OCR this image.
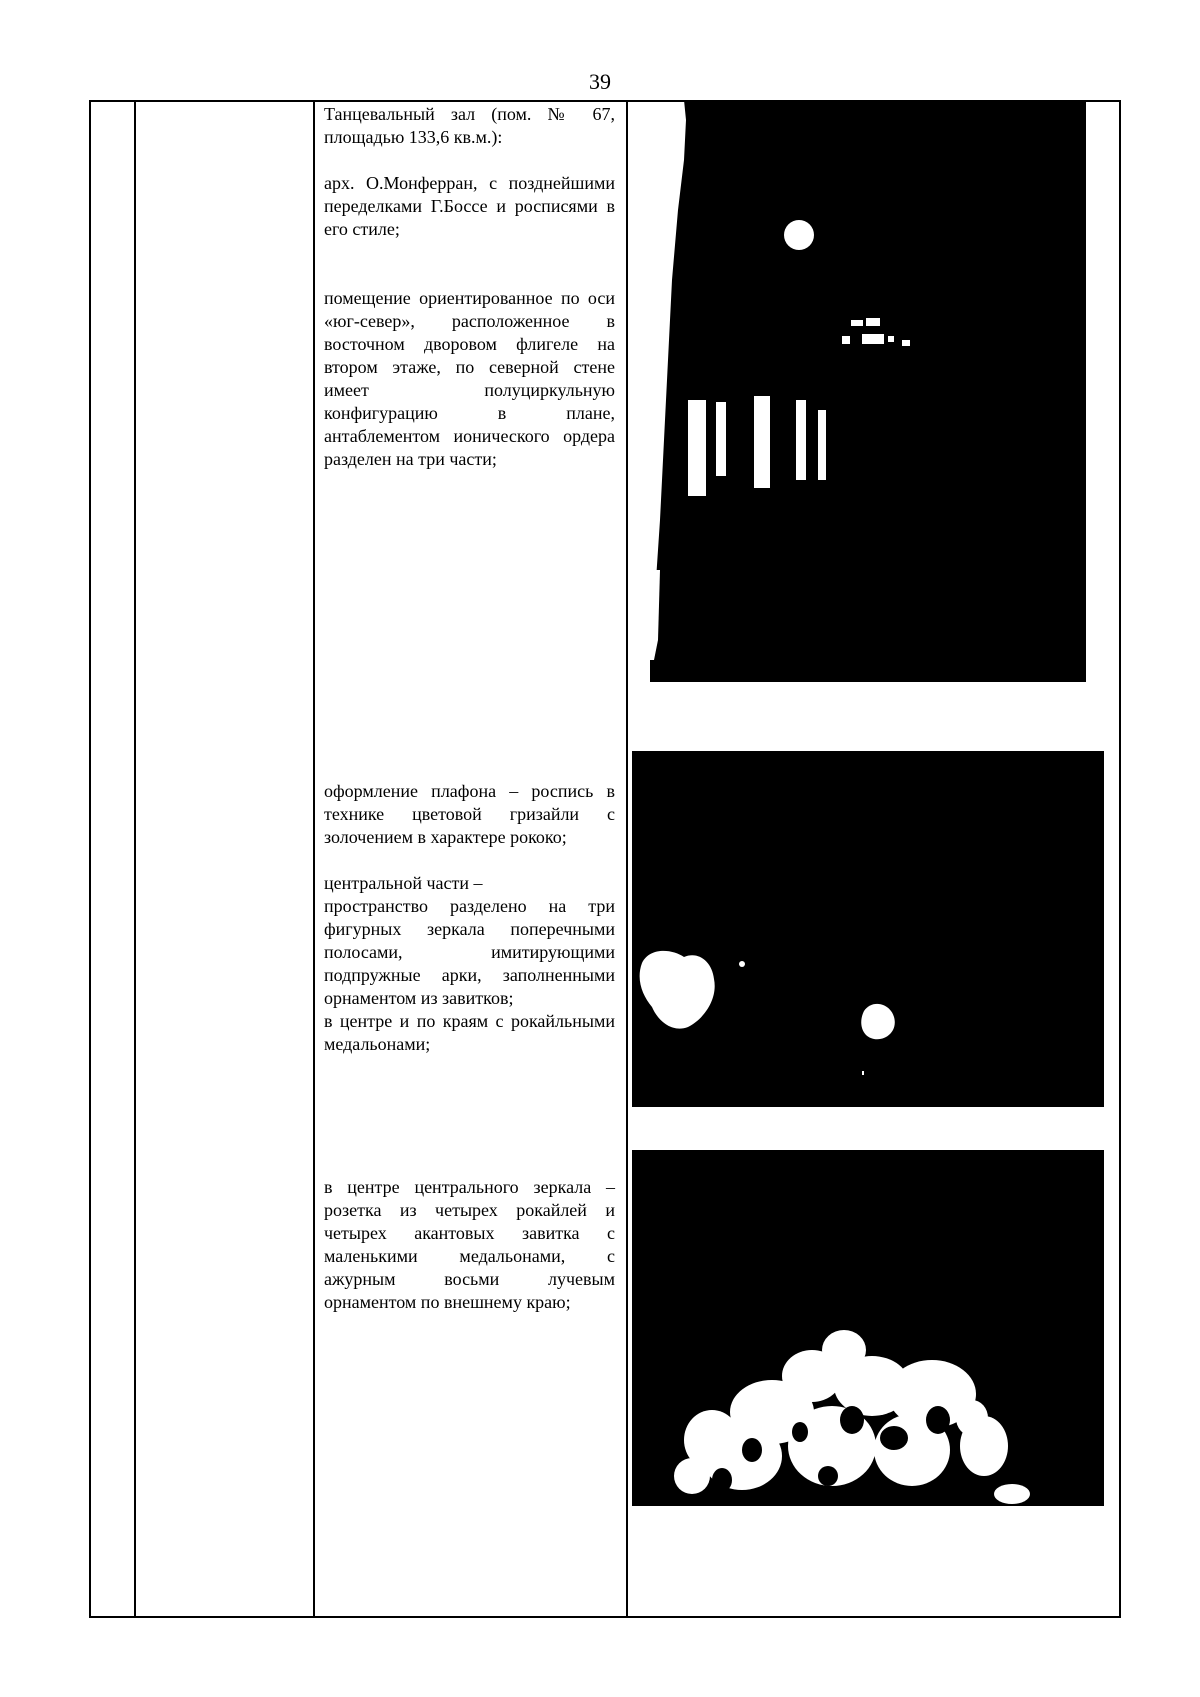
39

Танцевальный зал (пом. № 67, площадью 133,6 кв.м.):

арх. О.Монферран, с позднейшими переделками Г.Боссе и росписями в его стиле;

помещение ориентированное по оси «юг-север», расположенное в восточном дворовом флигеле на втором этаже, по северной стене имеет полуциркульную конфигурацию в плане, антаблементом ионического ордера разделен на три части;

оформление плафона – роспись в технике цветовой гризайли с золочением в характере рококо;

центральной части –

пространство разделено на три фигурных зеркала поперечными полосами, имитирующими подпружные арки, заполненными орнаментом из завитков;

в центре и по краям с рокайльными медальонами;

в центре центрального зеркала – розетка из четырех рокайлей и четырех акантовых завитка с маленькими медальонами, с ажурным восьми лучевым орнаментом по внешнему краю;
